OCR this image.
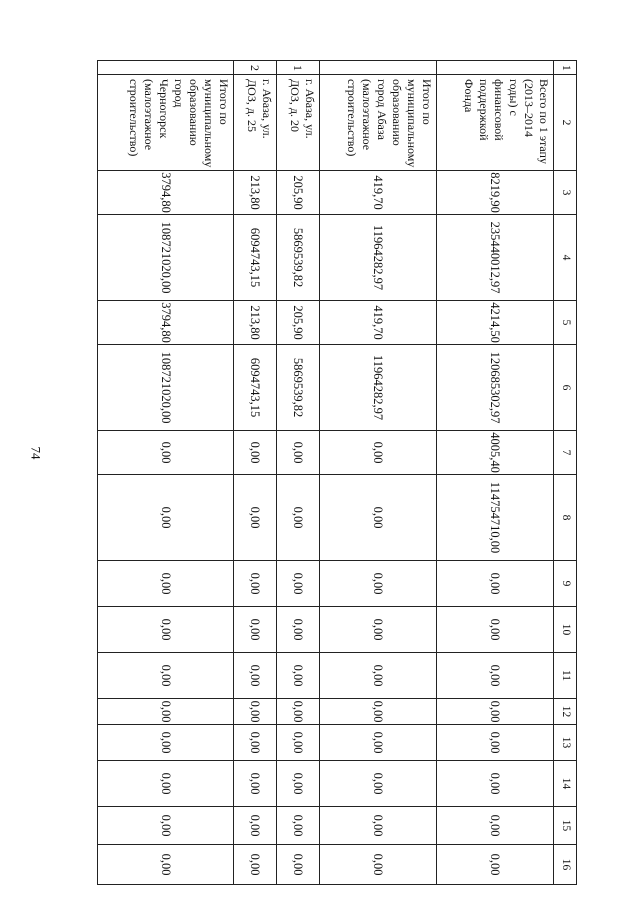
74
1	2	3	4	5	6	7	8	9	10	11	12	13	14	15	16
	Всего по 1 этапу (2013–2014 годы) с финансовой поддержкой Фонда	8219,90	235440012,97	4214,50	120685302,97	4005,40	114754710,00	0,00	0,00	0,00	0,00	0,00	0,00	0,00	0,00
	Итого по муниципальному образованию город Абаза (малоэтажное строительство)	419,70	11964282,97	419,70	11964282,97	0,00	0,00	0,00	0,00	0,00	0,00	0,00	0,00	0,00	0,00
1	г. Абаза, ул. ДОЗ, д. 20	205,90	5869539,82	205,90	5869539,82	0,00	0,00	0,00	0,00	0,00	0,00	0,00	0,00	0,00	0,00
2	г. Абаза, ул. ДОЗ, д. 25	213,80	6094743,15	213,80	6094743,15	0,00	0,00	0,00	0,00	0,00	0,00	0,00	0,00	0,00	0,00
	Итого по муниципальному образованию город Черногорск (малоэтажное строительство)	3794,80	108721020,00	3794,80	108721020,00	0,00	0,00	0,00	0,00	0,00	0,00	0,00	0,00	0,00	0,00
